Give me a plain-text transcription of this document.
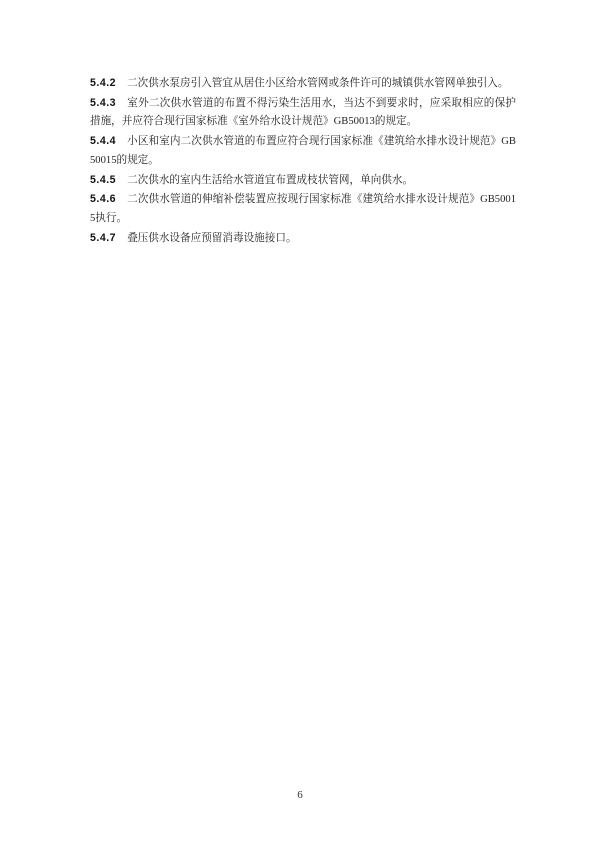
5.4.2 二次供水泵房引入管宜从居住小区给水管网或条件许可的城镇供水管网单独引入。

5.4.3 室外二次供水管道的布置不得污染生活用水，当达不到要求时，应采取相应的保护措施，并应符合现行国家标准《室外给水设计规范》GB50013的规定。

5.4.4 小区和室内二次供水管道的布置应符合现行国家标准《建筑给水排水设计规范》GB50015的规定。

5.4.5 二次供水的室内生活给水管道宜布置成枝状管网，单向供水。

5.4.6 二次供水管道的伸缩补偿装置应按现行国家标准《建筑给水排水设计规范》GB50015执行。

5.4.7 叠压供水设备应预留消毒设施接口。

6
